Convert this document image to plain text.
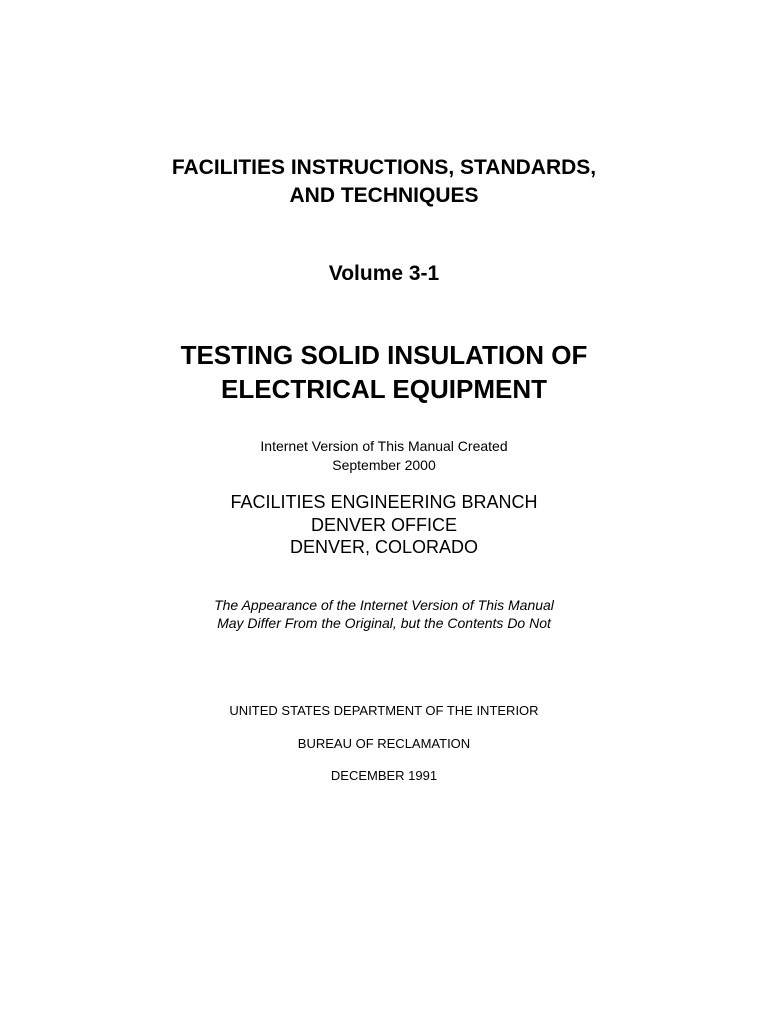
FACILITIES INSTRUCTIONS, STANDARDS,
AND TECHNIQUES
Volume 3-1
TESTING SOLID INSULATION OF
ELECTRICAL EQUIPMENT
Internet Version of This Manual Created
September 2000
FACILITIES ENGINEERING BRANCH
DENVER OFFICE
DENVER, COLORADO
The Appearance of the Internet Version of This Manual
May Differ From the Original, but the Contents Do Not
UNITED STATES DEPARTMENT OF THE INTERIOR
BUREAU OF RECLAMATION
DECEMBER 1991
